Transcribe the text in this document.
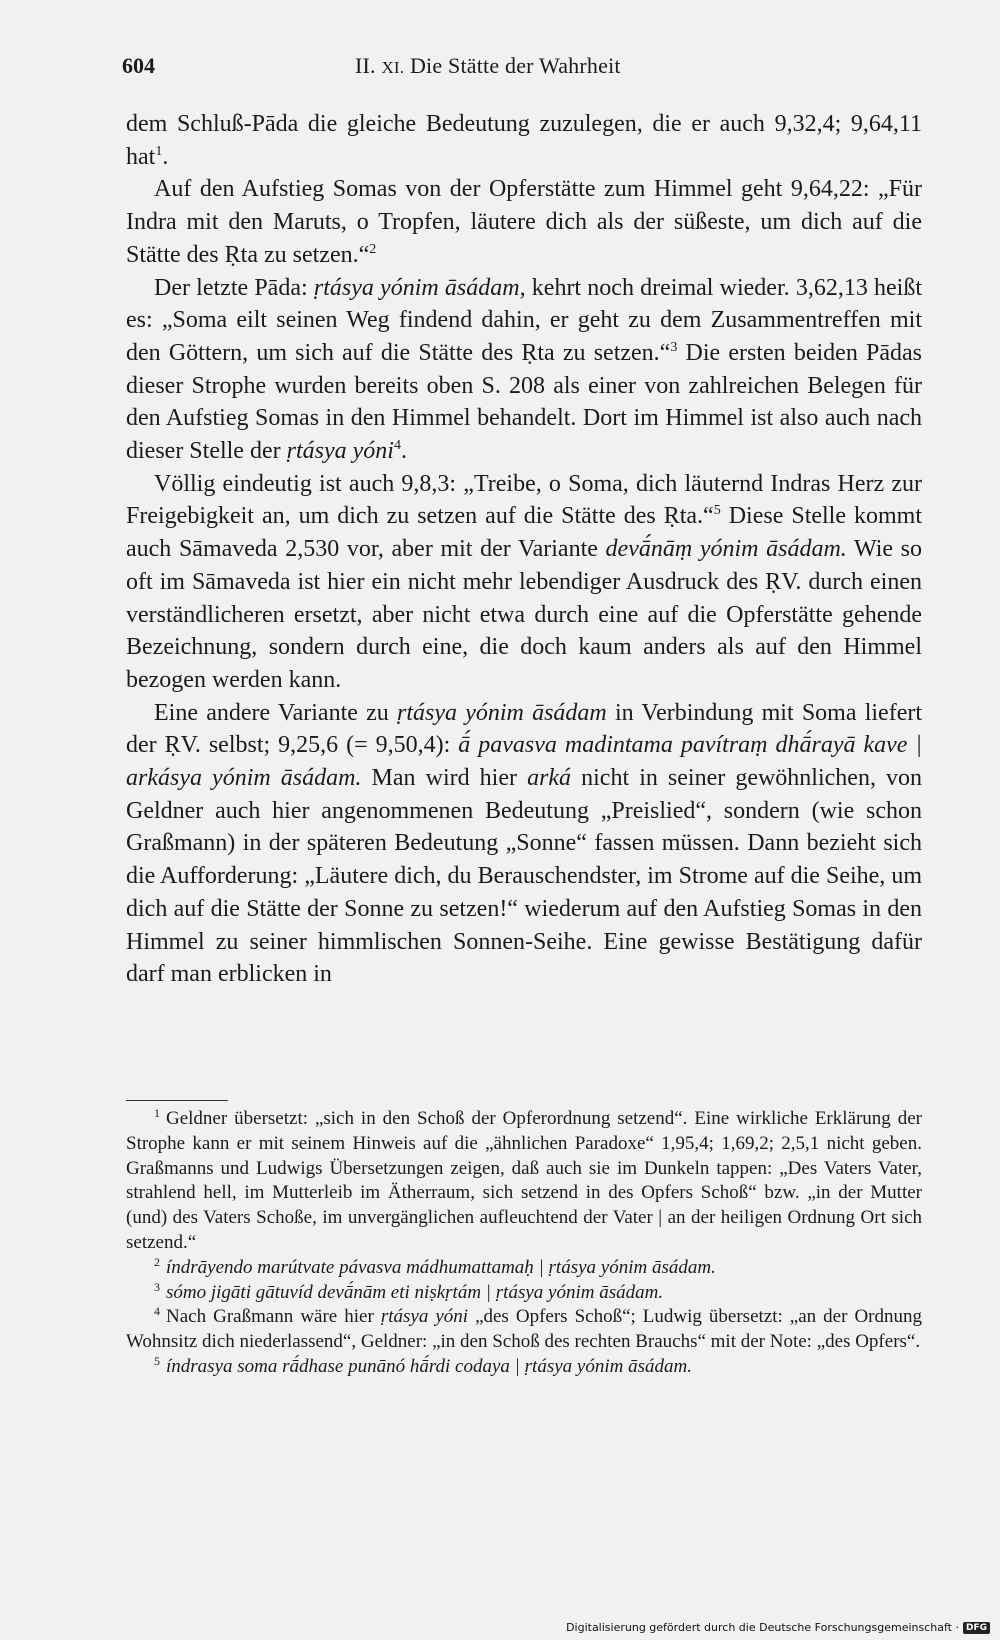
604	II. XI. Die Stätte der Wahrheit

dem Schluß-Pāda die gleiche Bedeutung zuzulegen, die er auch 9,32,4; 9,64,11 hat$^1$.

Auf den Aufstieg Somas von der Opferstätte zum Himmel geht 9,64,22: „Für Indra mit den Maruts, o Tropfen, läutere dich als der süßeste, um dich auf die Stätte des Ṛta zu setzen.“$^2$

Der letzte Pāda: ṛtásya yónim āsádam, kehrt noch dreimal wieder. 3,62,13 heißt es: „Soma eilt seinen Weg findend dahin, er geht zu dem Zusammentreffen mit den Göttern, um sich auf die Stätte des Ṛta zu setzen.“$^3$ Die ersten beiden Pādas dieser Strophe wurden bereits oben S. 208 als einer von zahlreichen Belegen für den Aufstieg Somas in den Himmel behandelt. Dort im Himmel ist also auch nach dieser Stelle der ṛtásya yóni$^4$.

Völlig eindeutig ist auch 9,8,3: „Treibe, o Soma, dich läuternd Indras Herz zur Freigebigkeit an, um dich zu setzen auf die Stätte des Ṛta.“$^5$ Diese Stelle kommt auch Sāmaveda 2,530 vor, aber mit der Variante devā́nāṃ yónim āsádam. Wie so oft im Sāmaveda ist hier ein nicht mehr lebendiger Ausdruck des ṚV. durch einen verständlicheren ersetzt, aber nicht etwa durch eine auf die Opferstätte gehende Bezeichnung, sondern durch eine, die doch kaum anders als auf den Himmel bezogen werden kann.

Eine andere Variante zu ṛtásya yónim āsádam in Verbindung mit Soma liefert der ṚV. selbst; 9,25,6 (= 9,50,4): ā́ pavasva madintama pavítraṃ dhā́rayā kave | arkásya yónim āsádam. Man wird hier arká nicht in seiner gewöhnlichen, von Geldner auch hier angenommenen Bedeutung „Preislied“, sondern (wie schon Graßmann) in der späteren Bedeutung „Sonne“ fassen müssen. Dann bezieht sich die Aufforderung: „Läutere dich, du Berauschendster, im Strome auf die Seihe, um dich auf die Stätte der Sonne zu setzen!“ wiederum auf den Aufstieg Somas in den Himmel zu seiner himmlischen Sonnen-Seihe. Eine gewisse Bestätigung dafür darf man erblicken in

$^1$ Geldner übersetzt: „sich in den Schoß der Opferordnung setzend“. Eine wirkliche Erklärung der Strophe kann er mit seinem Hinweis auf die „ähnlichen Paradoxe“ 1,95,4; 1,69,2; 2,5,1 nicht geben. Graßmanns und Ludwigs Übersetzungen zeigen, daß auch sie im Dunkeln tappen: „Des Vaters Vater, strahlend hell, im Mutterleib im Ätherraum, sich setzend in des Opfers Schoß“ bzw. „in der Mutter (und) des Vaters Schoße, im unvergänglichen aufleuchtend der Vater | an der heiligen Ordnung Ort sich setzend.“

$^2$ índrāyendo marútvate pávasva mádhumattamaḥ | ṛtásya yónim āsádam.

$^3$ sómo jigāti gātuvíd devā́nām eti niṣkṛtám | ṛtásya yónim āsádam.

$^4$ Nach Graßmann wäre hier ṛtásya yóni „des Opfers Schoß“; Ludwig übersetzt: „an der Ordnung Wohnsitz dich niederlassend“, Geldner: „in den Schoß des rechten Brauchs“ mit der Note: „des Opfers“.

$^5$ índrasya soma rā́dhase punānó hā́rdi codaya | ṛtásya yónim āsádam.

Digitalisierung gefördert durch die Deutsche Forschungsgemeinschaft · DFG
